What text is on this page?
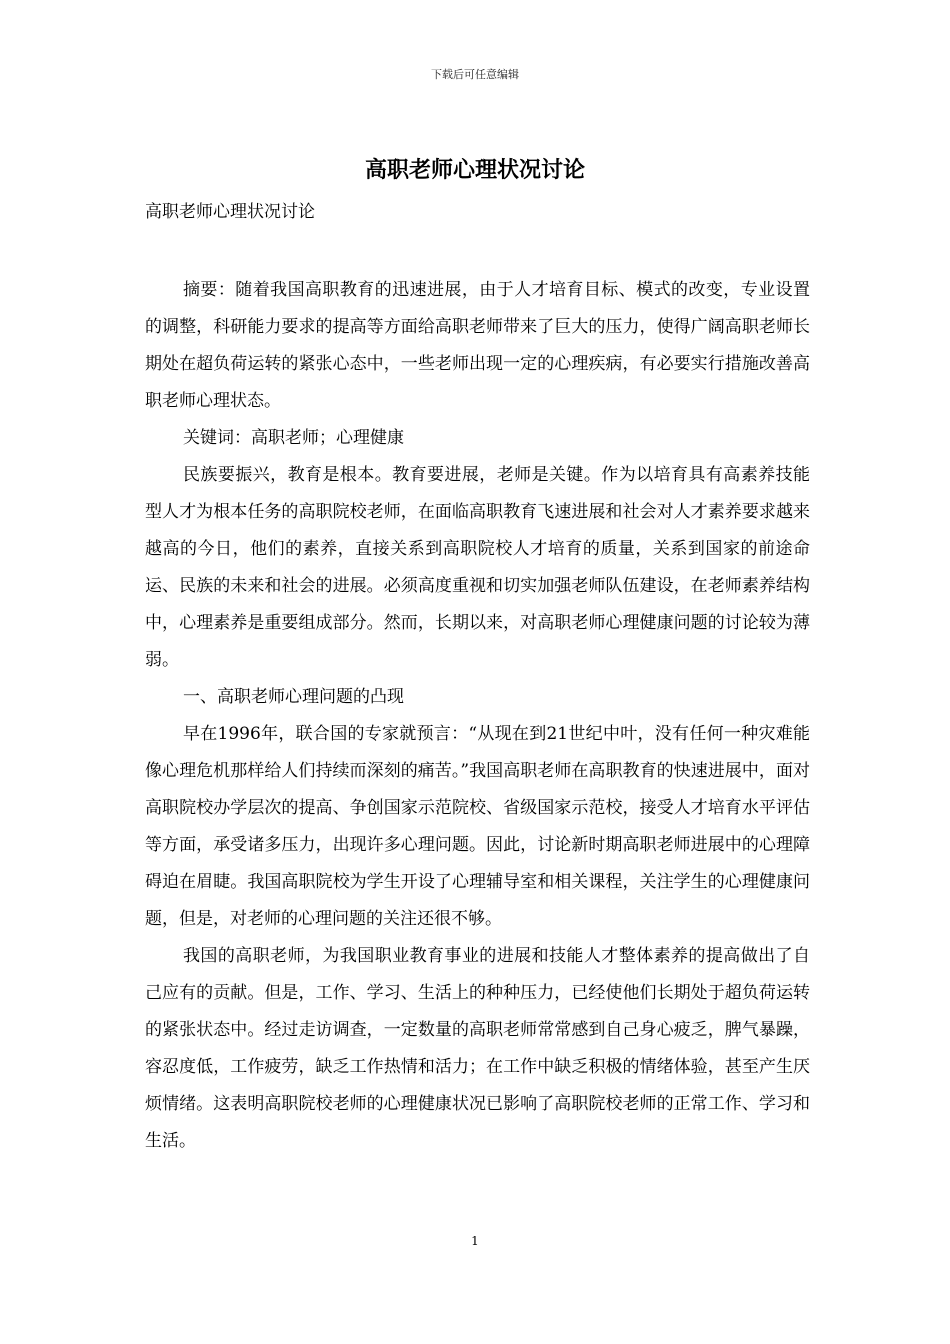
下载后可任意编辑
高职老师心理状况讨论
高职老师心理状况讨论

摘要：随着我国高职教育的迅速进展，由于人才培育目标、模式的改变，专业设置的调整，科研能力要求的提高等方面给高职老师带来了巨大的压力，使得广阔高职老师长期处在超负荷运转的紧张心态中，一些老师出现一定的心理疾病，有必要实行措施改善高职老师心理状态。

关键词：高职老师；心理健康

民族要振兴，教育是根本。教育要进展，老师是关键。作为以培育具有高素养技能型人才为根本任务的高职院校老师，在面临高职教育飞速进展和社会对人才素养要求越来越高的今日，他们的素养，直接关系到高职院校人才培育的质量，关系到国家的前途命运、民族的未来和社会的进展。必须高度重视和切实加强老师队伍建设，在老师素养结构中，心理素养是重要组成部分。然而，长期以来，对高职老师心理健康问题的讨论较为薄弱。

一、高职老师心理问题的凸现

早在1996年，联合国的专家就预言：“从现在到21世纪中叶，没有任何一种灾难能像心理危机那样给人们持续而深刻的痛苦。”我国高职老师在高职教育的快速进展中，面对高职院校办学层次的提高、争创国家示范院校、省级国家示范校，接受人才培育水平评估等方面，承受诸多压力，出现许多心理问题。因此，讨论新时期高职老师进展中的心理障碍迫在眉睫。我国高职院校为学生开设了心理辅导室和相关课程，关注学生的心理健康问题，但是，对老师的心理问题的关注还很不够。

我国的高职老师，为我国职业教育事业的进展和技能人才整体素养的提高做出了自己应有的贡献。但是，工作、学习、生活上的种种压力，已经使他们长期处于超负荷运转的紧张状态中。经过走访调查，一定数量的高职老师常常感到自己身心疲乏，脾气暴躁，容忍度低，工作疲劳，缺乏工作热情和活力；在工作中缺乏积极的情绪体验，甚至产生厌烦情绪。这表明高职院校老师的心理健康状况已影响了高职院校老师的正常工作、学习和生活。

1
